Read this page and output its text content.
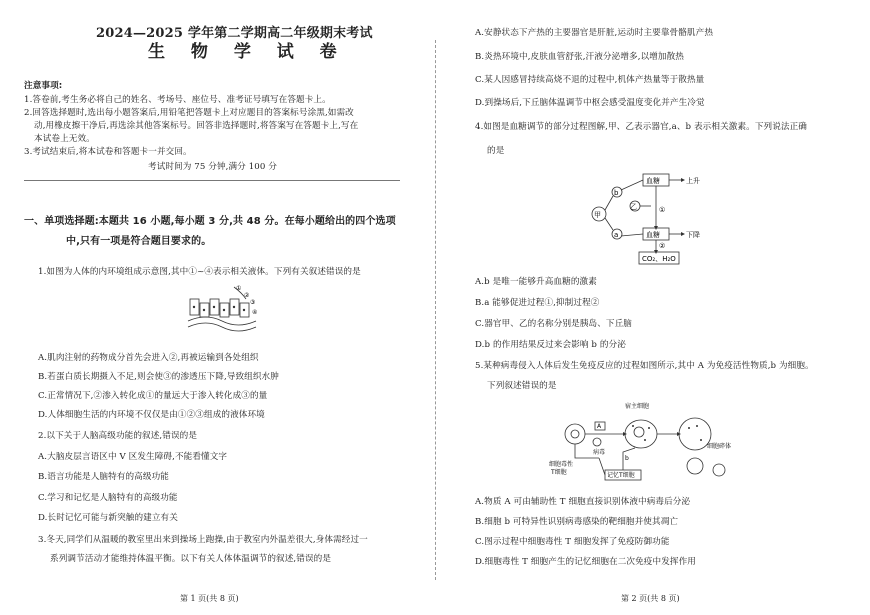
2024—2025 学年第二学期高二年级期末考试
生 物 学 试 卷
注意事项:
1.答卷前,考生务必将自己的姓名、考场号、座位号、准考证号填写在答题卡上。
2.回答选择题时,选出每小题答案后,用铅笔把答题卡上对应题目的答案标号涂黑,如需改
动,用橡皮擦干净后,再选涂其他答案标号。回答非选择题时,将答案写在答题卡上,写在
本试卷上无效。
3.考试结束后,将本试卷和答题卡一并交回。
考试时间为 75 分钟,满分 100 分
一、单项选择题:本题共 16 小题,每小题 3 分,共 48 分。在每小题给出的四个选项
中,只有一项是符合题目要求的。
1.如图为人体的内环境组成示意图,其中①~④表示相关液体。下列有关叙述错误的是
①
②
③
④
A.肌肉注射的药物成分首先会进入②,再被运输到各处组织
B.若蛋白质长期摄入不足,则会使③的渗透压下降,导致组织水肿
C.正常情况下,②渗入转化成①的量远大于渗入转化成③的量
D.人体细胞生活的内环境不仅仅是由①②③组成的液体环境
2.以下关于人脑高级功能的叙述,错误的是
A.大脑皮层言语区中 V 区发生障碍,不能看懂文字
B.语言功能是人脑特有的高级功能
C.学习和记忆是人脑特有的高级功能
D.长时记忆可能与新突触的建立有关
3.冬天,同学们从温暖的教室里出来到操场上跑操,由于教室内外温差很大,身体需经过一
系列调节活动才能维持体温平衡。以下有关人体体温调节的叙述,错误的是
第 1 页(共 8 页)
A.安静状态下产热的主要器官是肝脏,运动时主要靠骨骼肌产热
B.炎热环境中,皮肤血管舒张,汗液分泌增多,以增加散热
C.某人因感冒持续高烧不退的过程中,机体产热量等于散热量
D.到操场后,下丘脑体温调节中枢会感受温度变化并产生冷觉
4.如图是血糖调节的部分过程图解,甲、乙表示器官,a、b 表示相关激素。下列说法正确
的是
血糖
血糖
上升
下降
甲
乙
b
a
①
②
CO₂、H₂O
A.b 是唯一能够升高血糖的激素
B.a 能够促进过程①,抑制过程②
C.器官甲、乙的名称分别是胰岛、下丘脑
D.b 的作用结果反过来会影响 b 的分泌
5.某种病毒侵入人体后发生免疫反应的过程如图所示,其中 A 为免疫活性物质,b 为细胞。
下列叙述错误的是
宿主细胞
病毒
细胞毒性
T细胞	记忆T细胞
细胞碎体
A
b
A.物质 A 可由辅助性 T 细胞直接识别体液中病毒后分泌
B.细胞 b 可特异性识别病毒感染的靶细胞并使其凋亡
C.图示过程中细胞毒性 T 细胞发挥了免疫防御功能
D.细胞毒性 T 细胞产生的记忆细胞在二次免疫中发挥作用
第 2 页(共 8 页)
